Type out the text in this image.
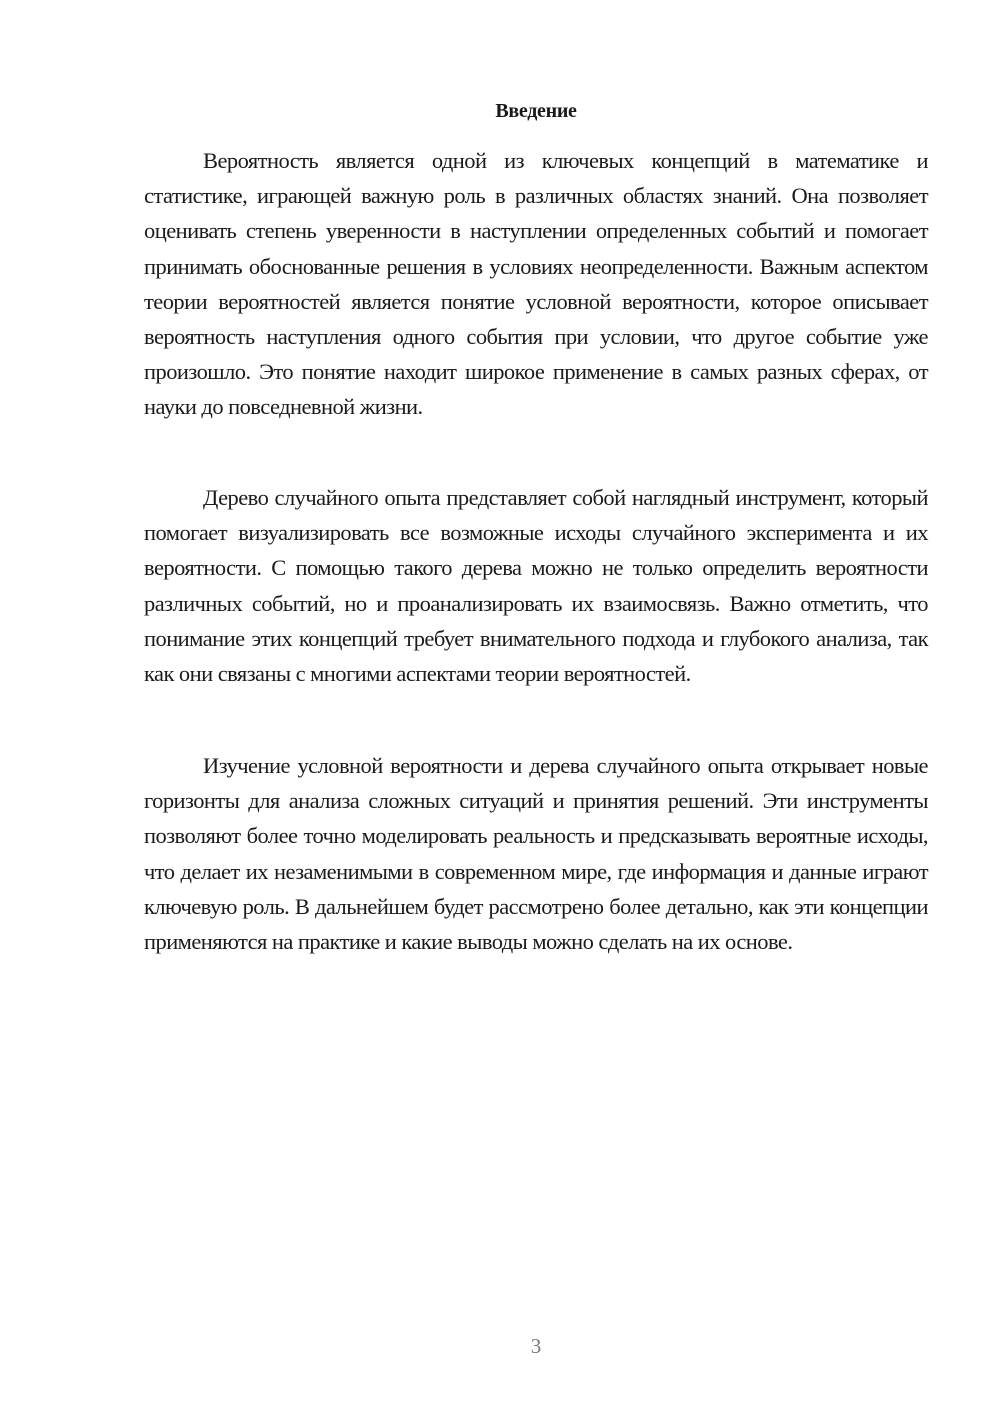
Введение

Вероятность является одной из ключевых концепций в математике и статистике, играющей важную роль в различных областях знаний. Она позволяет оценивать степень уверенности в наступлении определенных событий и помогает принимать обоснованные решения в условиях неопределенности. Важным аспектом теории вероятностей является понятие условной вероятности, которое описывает вероятность наступления одного события при условии, что другое событие уже произошло. Это понятие находит широкое применение в самых разных сферах, от науки до повседневной жизни.

Дерево случайного опыта представляет собой наглядный инструмент, который помогает визуализировать все возможные исходы случайного эксперимента и их вероятности. С помощью такого дерева можно не только определить вероятности различных событий, но и проанализировать их взаимосвязь. Важно отметить, что понимание этих концепций требует внимательного подхода и глубокого анализа, так как они связаны с многими аспектами теории вероятностей.

Изучение условной вероятности и дерева случайного опыта открывает новые горизонты для анализа сложных ситуаций и принятия решений. Эти инструменты позволяют более точно моделировать реальность и предсказывать вероятные исходы, что делает их незаменимыми в современном мире, где информация и данные играют ключевую роль. В дальнейшем будет рассмотрено более детально, как эти концепции применяются на практике и какие выводы можно сделать на их основе.

3
